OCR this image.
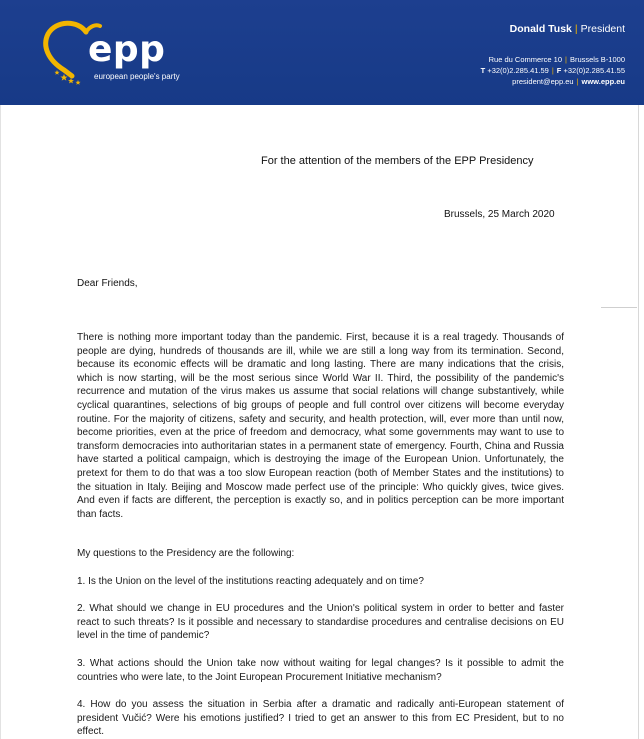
epp
european people's party
Donald Tusk | President
Rue du Commerce 10 | Brussels B-1000
T +32(0)2.285.41.59 | F +32(0)2.285.41.55
president@epp.eu | www.epp.eu
For the attention of the members of the EPP Presidency
Brussels, 25 March 2020
Dear Friends,
There is nothing more important today than the pandemic. First, because it is a real tragedy. Thousands of people are dying, hundreds of thousands are ill, while we are still a long way from its termination. Second, because its economic effects will be dramatic and long lasting. There are many indications that the crisis, which is now starting, will be the most serious since World War II. Third, the possibility of the pandemic's recurrence and mutation of the virus makes us assume that social relations will change substantively, while cyclical quarantines, selections of big groups of people and full control over citizens will become everyday routine. For the majority of citizens, safety and security, and health protection, will, ever more than until now, become priorities, even at the price of freedom and democracy, what some governments may want to use to transform democracies into authoritarian states in a permanent state of emergency. Fourth, China and Russia have started a political campaign, which is destroying the image of the European Union. Unfortunately, the pretext for them to do that was a too slow European reaction (both of Member States and the institutions) to the situation in Italy. Beijing and Moscow made perfect use of the principle: Who quickly gives, twice gives. And even if facts are different, the perception is exactly so, and in politics perception can be more important than facts.
My questions to the Presidency are the following:
1. Is the Union on the level of the institutions reacting adequately and on time?
2. What should we change in EU procedures and the Union's political system in order to better and faster react to such threats? Is it possible and necessary to standardise procedures and centralise decisions on EU level in the time of pandemic?
3. What actions should the Union take now without waiting for legal changes? Is it possible to admit the countries who were late, to the Joint European Procurement Initiative mechanism?
4. How do you assess the situation in Serbia after a dramatic and radically anti-European statement of president Vučić? Were his emotions justified? I tried to get an answer to this from EC President, but to no effect.
